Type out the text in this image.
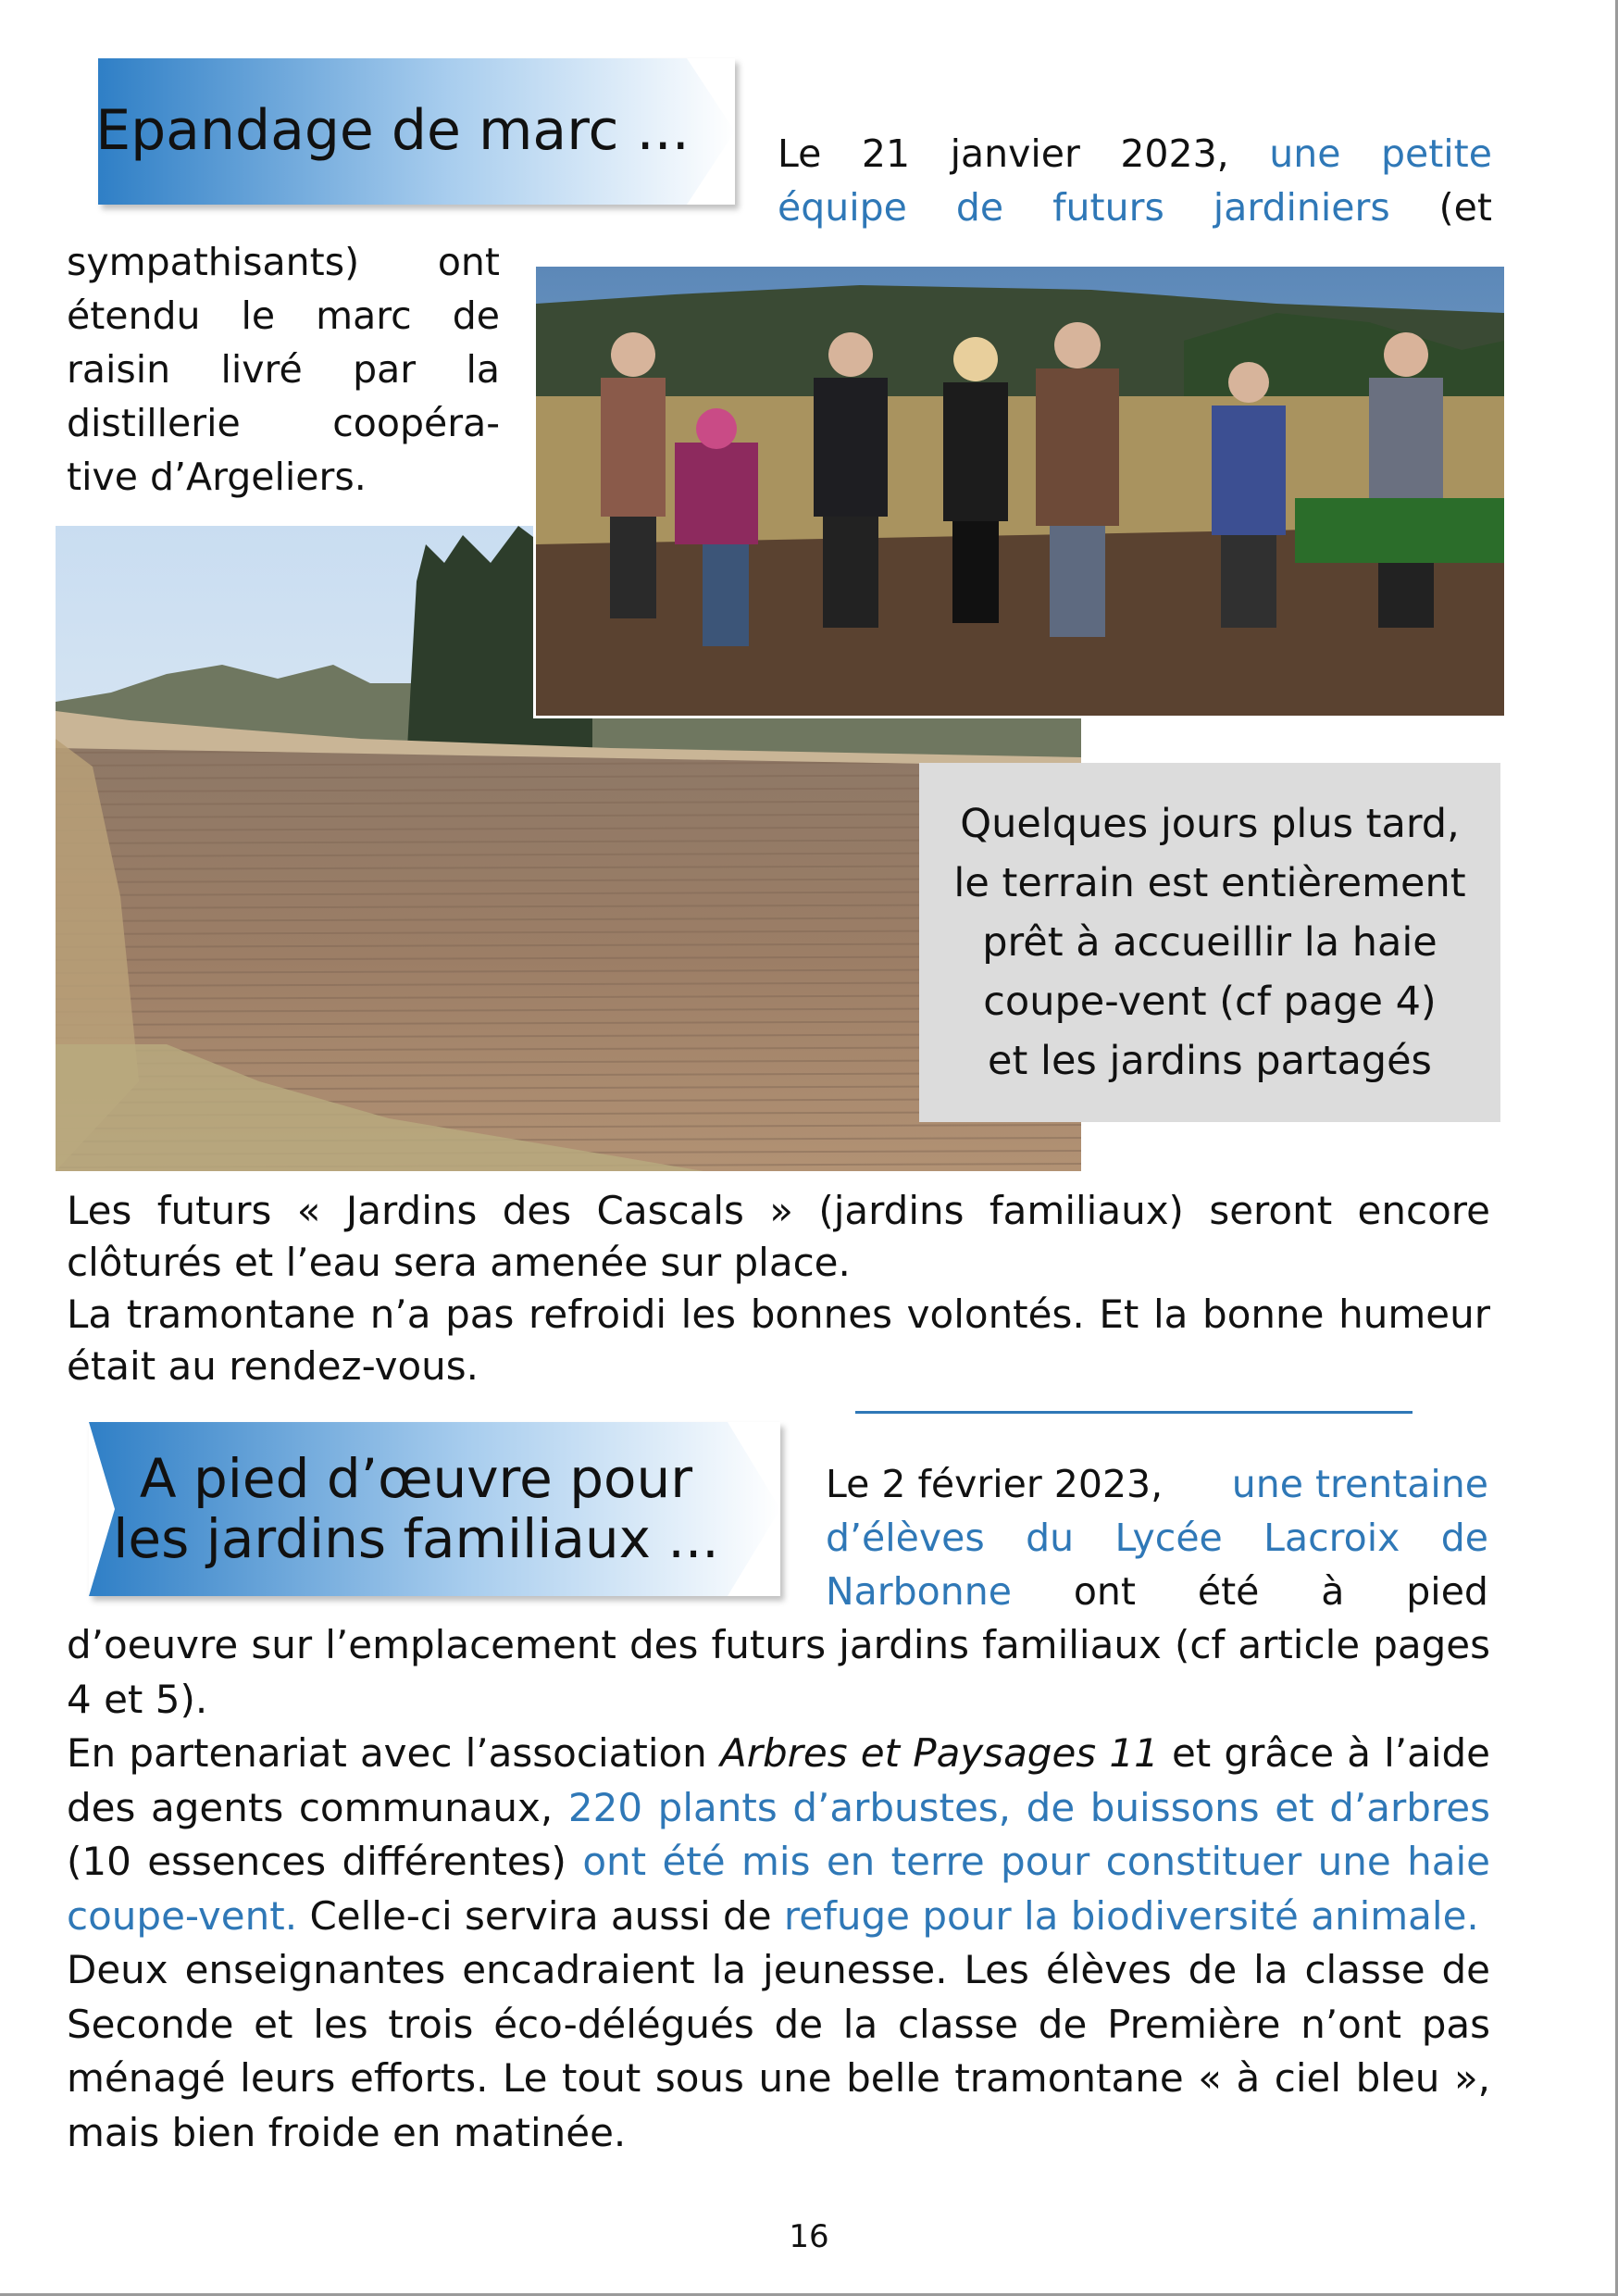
Epandage de marc ... Le 21 janvier 2023, une petite
équipe de futurs jardiniers (et
sympathisants) ont
étendu le marc de
raisin livré par la
distillerie coopéra-
tive d’Argeliers.
Quelques jours plus tard,
le terrain est entièrement
prêt à accueillir la haie
coupe-vent (cf page 4)
et les jardins partagés

Les futurs « Jardins des Cascals » (jardins familiaux) seront encore clôturés et l’eau sera amenée sur place.

La tramontane n’a pas refroidi les bonnes volontés. Et la bonne humeur était au rendez-vous.

A pied d’œuvre pour
les jardins familiaux ...
Le 2 février 2023, une trentaine
d’élèves du Lycée Lacroix de
Narbonne ont été à pied

d’oeuvre sur l’emplacement des futurs jardins familiaux (cf article pages 4 et 5).

En partenariat avec l’association Arbres et Paysages 11 et grâce à l’aide des agents communaux, 220 plants d’arbustes, de buissons et d’arbres (10 essences différentes) ont été mis en terre pour constituer une haie coupe-vent. Celle-ci servira aussi de refuge pour la biodiversité animale.

Deux enseignantes encadraient la jeunesse. Les élèves de la classe de Seconde et les trois éco-délégués de la classe de Première n’ont pas ménagé leurs efforts. Le tout sous une belle tramontane « à ciel bleu », mais bien froide en matinée.

16
